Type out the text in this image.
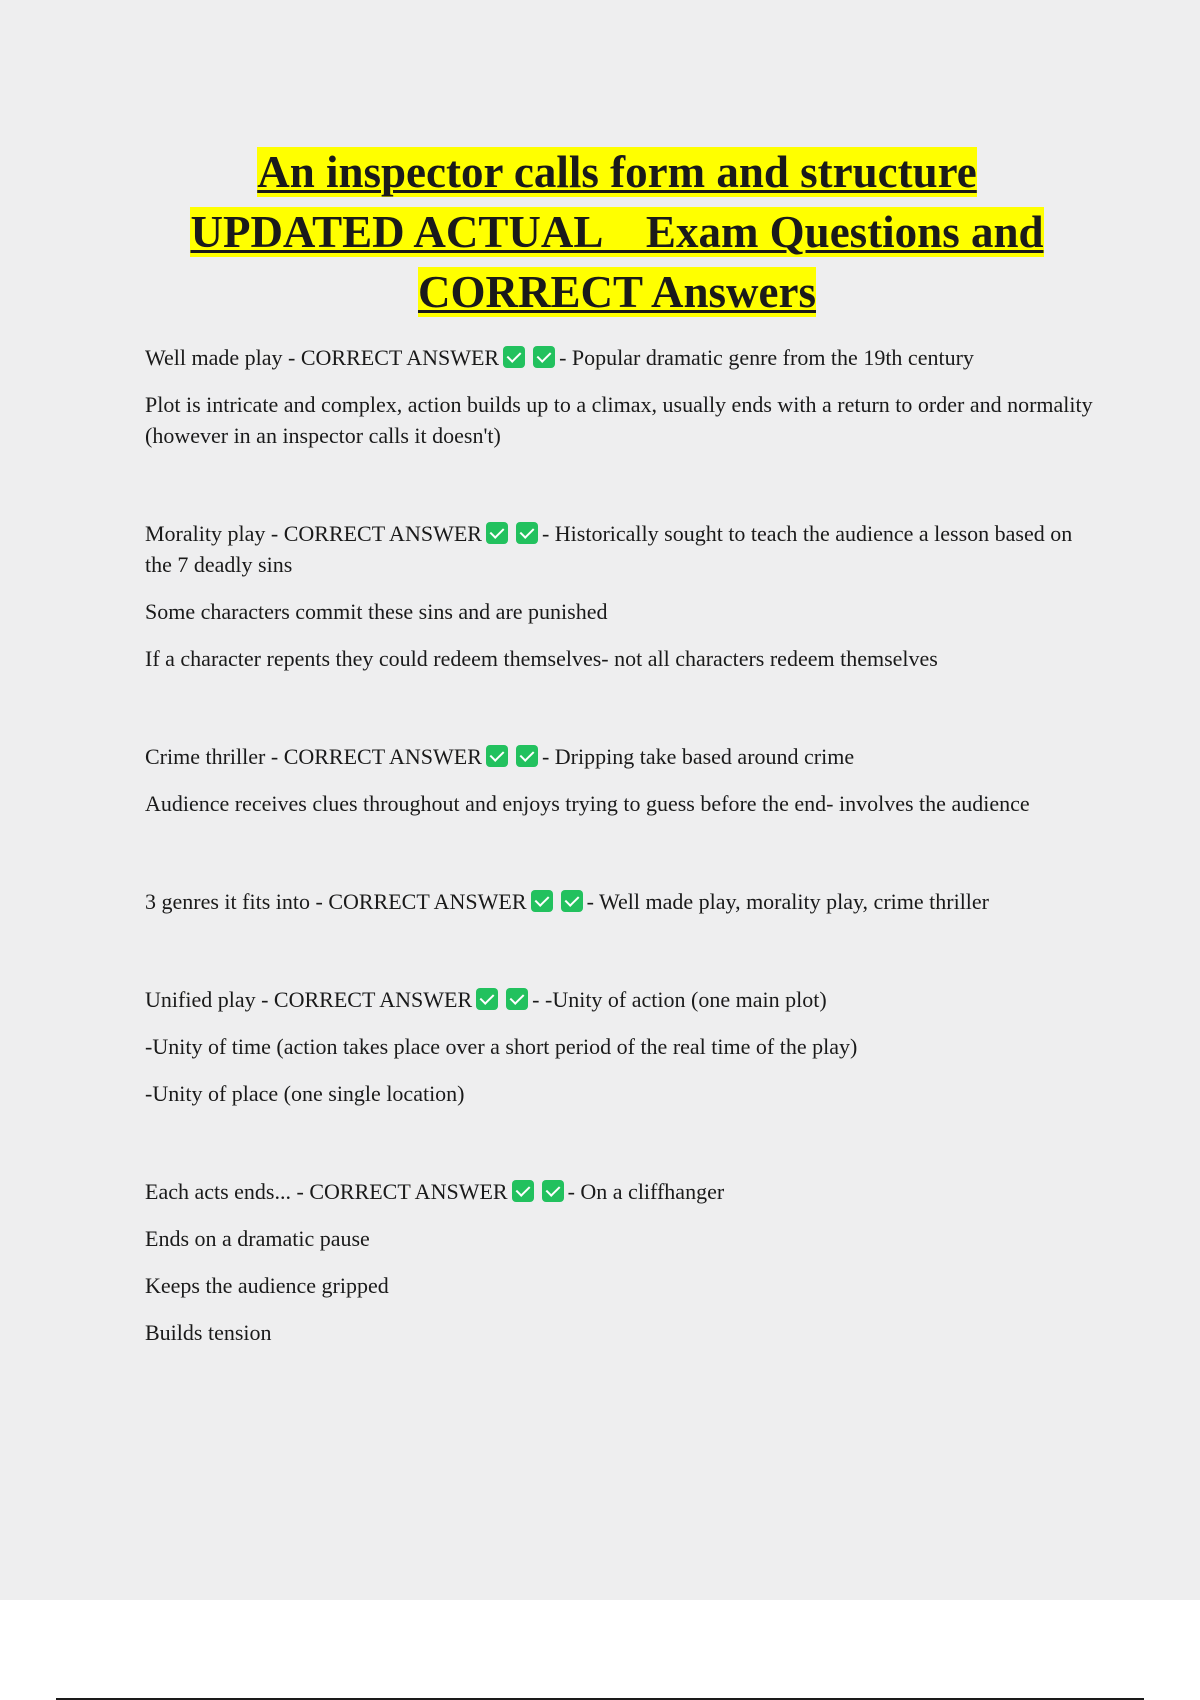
An inspector calls form and structure
UPDATED ACTUAL    Exam Questions and
CORRECT Answers

Well made play - CORRECT ANSWER	- Popular dramatic genre from the 19th century

Plot is intricate and complex, action builds up to a climax, usually ends with a return to order and normality (however in an inspector calls it doesn't)

Morality play - CORRECT ANSWER	- Historically sought to teach the audience a lesson based on the 7 deadly sins

Some characters commit these sins and are punished

If a character repents they could redeem themselves- not all characters redeem themselves

Crime thriller - CORRECT ANSWER	- Dripping take based around crime

Audience receives clues throughout and enjoys trying to guess before the end- involves the audience

3 genres it fits into - CORRECT ANSWER	- Well made play, morality play, crime thriller

Unified play - CORRECT ANSWER	- -Unity of action (one main plot)

-Unity of time (action takes place over a short period of the real time of the play)

-Unity of place (one single location)

Each acts ends... - CORRECT ANSWER	- On a cliffhanger

Ends on a dramatic pause

Keeps the audience gripped

Builds tension
